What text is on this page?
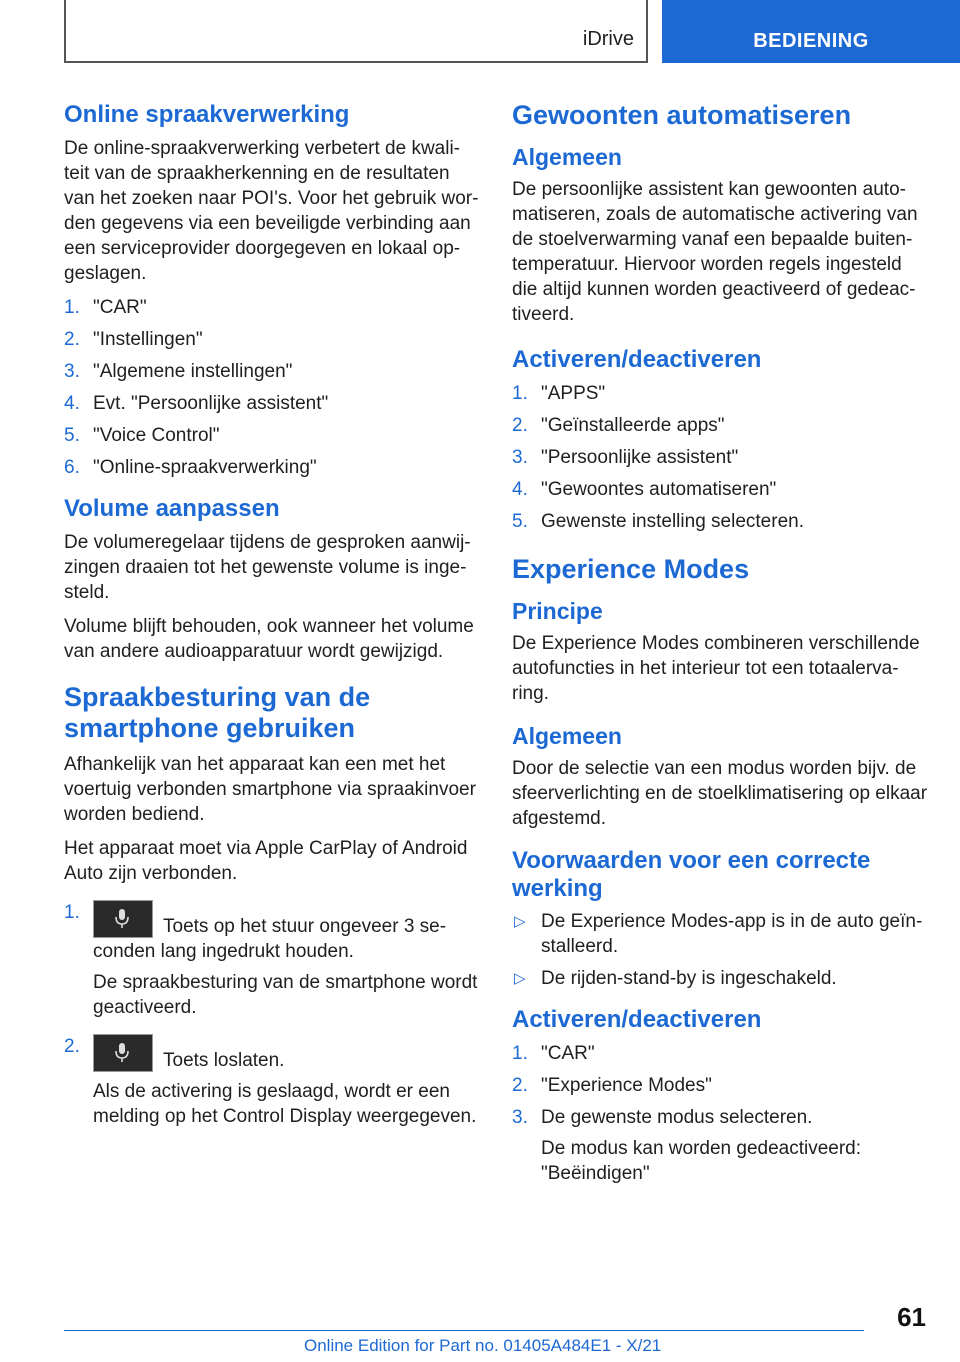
iDrive	BEDIENING
Online spraakverwerking

De online-spraakverwerking verbetert de kwali-teit van de spraakherkenning en de resultaten van het zoeken naar POI's. Voor het gebruik wor-den gegevens via een beveiligde verbinding aan een serviceprovider doorgegeven en lokaal op-geslagen.

1. "CAR"
2. "Instellingen"
3. "Algemene instellingen"
4. Evt. "Persoonlijke assistent"
5. "Voice Control"
6. "Online-spraakverwerking"
Volume aanpassen

De volumeregelaar tijdens de gesproken aanwij-zingen draaien tot het gewenste volume is inge-steld.

Volume blijft behouden, ook wanneer het volume van andere audioapparatuur wordt gewijzigd.

Spraakbesturing van de smartphone gebruiken

Afhankelijk van het apparaat kan een met het voertuig verbonden smartphone via spraakinvoer worden bediend.

Het apparaat moet via Apple CarPlay of Android Auto zijn verbonden.

1.
Toets op het stuur ongeveer 3 se-conden lang ingedrukt houden.
De spraakbesturing van de smartphone wordt geactiveerd.
2.
Toets loslaten.
Als de activering is geslaagd, wordt er een melding op het Control Display weergegeven.
Gewoonten automatiseren
Algemeen

De persoonlijke assistent kan gewoonten auto-matiseren, zoals de automatische activering van de stoelverwarming vanaf een bepaalde buiten-temperatuur. Hiervoor worden regels ingesteld die altijd kunnen worden geactiveerd of gedeac-tiveerd.

Activeren/deactiveren
1. "APPS"
2. "Geïnstalleerde apps"
3. "Persoonlijke assistent"
4. "Gewoontes automatiseren"
5. Gewenste instelling selecteren.
Experience Modes
Principe

De Experience Modes combineren verschillende autofuncties in het interieur tot een totaalerva-ring.

Algemeen

Door de selectie van een modus worden bijv. de sfeerverlichting en de stoelklimatisering op elkaar afgestemd.

Voorwaarden voor een correcte werking
▷ De Experience Modes-app is in de auto geïn-stalleerd.
▷ De rijden-stand-by is ingeschakeld.
Activeren/deactiveren
1. "CAR"
2. "Experience Modes"
3. De gewenste modus selecteren.
De modus kan worden gedeactiveerd: "Beëindigen"
61
Online Edition for Part no. 01405A484E1 - X/21
